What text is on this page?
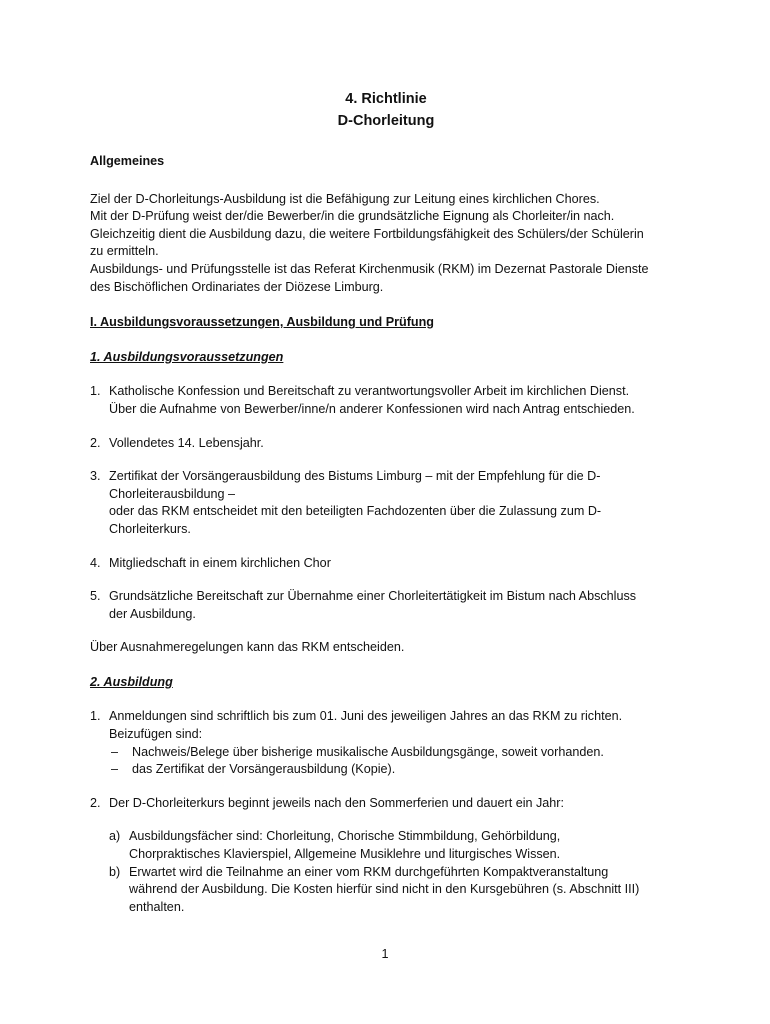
4. Richtlinie
D-Chorleitung

Allgemeines

Ziel der D-Chorleitungs-Ausbildung ist die Befähigung zur Leitung eines kirchlichen Chores.
Mit der D-Prüfung weist der/die Bewerber/in die grundsätzliche Eignung als Chorleiter/in nach.
Gleichzeitig dient die Ausbildung dazu, die weitere Fortbildungsfähigkeit des Schülers/der Schülerin
zu ermitteln.
Ausbildungs- und Prüfungsstelle ist das Referat Kirchenmusik (RKM) im Dezernat Pastorale Dienste
des Bischöflichen Ordinariates der Diözese Limburg.

I. Ausbildungsvoraussetzungen, Ausbildung und Prüfung

1. Ausbildungsvoraussetzungen

1. Katholische Konfession und Bereitschaft zu verantwortungsvoller Arbeit im kirchlichen Dienst.
Über die Aufnahme von Bewerber/inne/n anderer Konfessionen wird nach Antrag entschieden.
2. Vollendetes 14. Lebensjahr.
3. Zertifikat der Vorsängerausbildung des Bistums Limburg – mit der Empfehlung für die D-
Chorleiterausbildung –
oder das RKM entscheidet mit den beteiligten Fachdozenten über die Zulassung zum D-
Chorleiterkurs.
4. Mitgliedschaft in einem kirchlichen Chor
5. Grundsätzliche Bereitschaft zur Übernahme einer Chorleitertätigkeit im Bistum nach Abschluss
der Ausbildung.

Über Ausnahmeregelungen kann das RKM entscheiden.

2. Ausbildung

1. Anmeldungen sind schriftlich bis zum 01. Juni des jeweiligen Jahres an das RKM zu richten.
Beizufügen sind:
– Nachweis/Belege über bisherige musikalische Ausbildungsgänge, soweit vorhanden.
– das Zertifikat der Vorsängerausbildung (Kopie).
2. Der D-Chorleiterkurs beginnt jeweils nach den Sommerferien und dauert ein Jahr:
a) Ausbildungsfächer sind: Chorleitung, Chorische Stimmbildung, Gehörbildung,
Chorpraktisches Klavierspiel, Allgemeine Musiklehre und liturgisches Wissen.
b) Erwartet wird die Teilnahme an einer vom RKM durchgeführten Kompaktveranstaltung
während der Ausbildung. Die Kosten hierfür sind nicht in den Kursgebühren (s. Abschnitt III)
enthalten.
1
